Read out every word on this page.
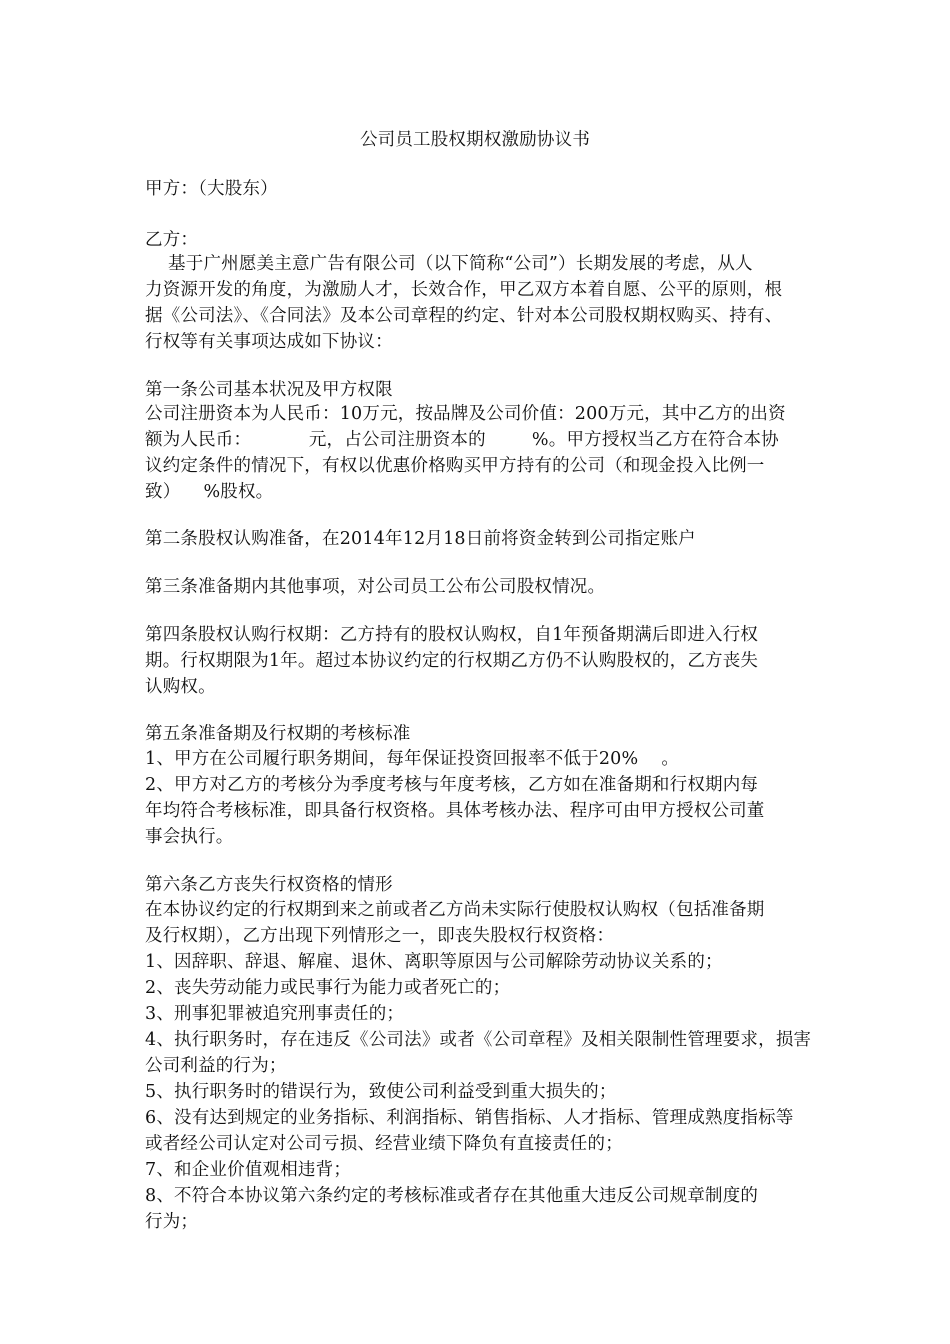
公司员工股权期权激励协议书
甲方：（大股东）
乙方：
基于广州愿美主意广告有限公司（以下简称“公司”）长期发展的考虑，从人
力资源开发的角度，为激励人才，长效合作，甲乙双方本着自愿、公平的原则，根
据《公司法》、《合同法》及本公司章程的约定、针对本公司股权期权购买、持有、
行权等有关事项达成如下协议：
第一条公司基本状况及甲方权限
公司注册资本为人民币：10万元，按品牌及公司价值：200万元，其中乙方的出资
额为人民币：          元，占公司注册资本的        %。甲方授权当乙方在符合本协
议约定条件的情况下，有权以优惠价格购买甲方持有的公司（和现金投入比例一
致）    %股权。
第二条股权认购准备，在2014年12月18日前将资金转到公司指定账户
第三条准备期内其他事项，对公司员工公布公司股权情况。
第四条股权认购行权期：乙方持有的股权认购权，自1年预备期满后即进入行权
期。行权期限为1年。超过本协议约定的行权期乙方仍不认购股权的，乙方丧失
认购权。
第五条准备期及行权期的考核标准
1、甲方在公司履行职务期间，每年保证投资回报率不低于20%    。
2、甲方对乙方的考核分为季度考核与年度考核，乙方如在准备期和行权期内每
年均符合考核标准，即具备行权资格。具体考核办法、程序可由甲方授权公司董
事会执行。
第六条乙方丧失行权资格的情形
在本协议约定的行权期到来之前或者乙方尚未实际行使股权认购权（包括准备期
及行权期），乙方出现下列情形之一，即丧失股权行权资格：
1、因辞职、辞退、解雇、退休、离职等原因与公司解除劳动协议关系的；
2、丧失劳动能力或民事行为能力或者死亡的；
3、刑事犯罪被追究刑事责任的；
4、执行职务时，存在违反《公司法》或者《公司章程》及相关限制性管理要求，损害
公司利益的行为；
5、执行职务时的错误行为，致使公司利益受到重大损失的；
6、没有达到规定的业务指标、利润指标、销售指标、人才指标、管理成熟度指标等
或者经公司认定对公司亏损、经营业绩下降负有直接责任的；
7、和企业价值观相违背；
8、不符合本协议第六条约定的考核标准或者存在其他重大违反公司规章制度的
行为；
